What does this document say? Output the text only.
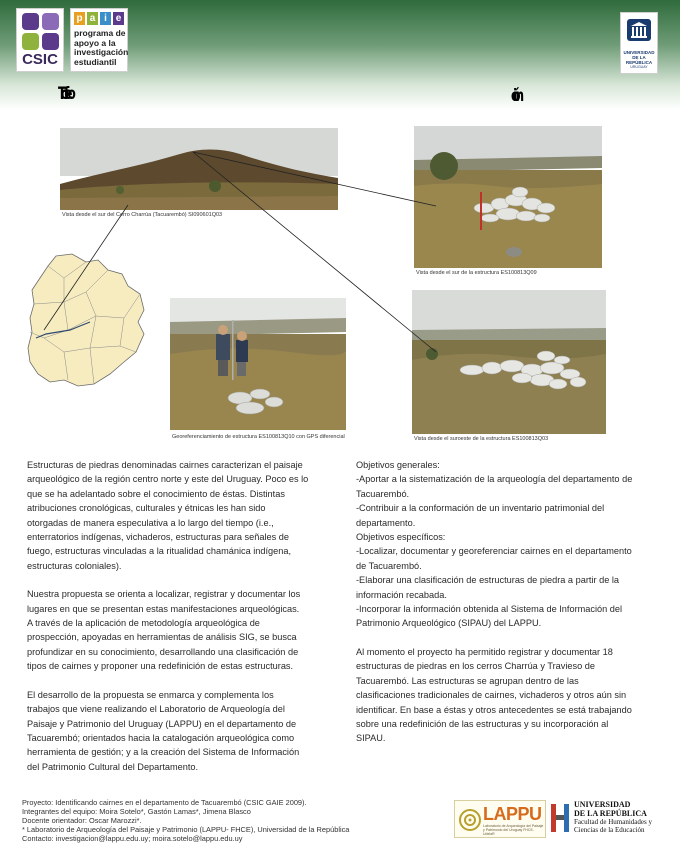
CSIC
p a i e
programa de
apoyo a la
investigación
estudiantil
UNIVERSIDAD DE LA REPÚBLICA
URUGUAY
Trofeo	ción
Vista desde el sur del Cerro Charrúa (Tacuarembó) SI090601Q03
Vista desde el sur de la estructura ES100813Q09
Georeferenciamiento de estructura ES100813Q10 con GPS diferencial	Vista desde el suroeste de la estructura ES100813Q03

Estructuras de piedras denominadas cairnes caracterizan el paisaje
arqueológico de la región centro norte y este del Uruguay. Poco es lo
que se ha adelantado sobre el conocimiento de éstas. Distintas
atribuciones cronológicas, culturales y étnicas les han sido
otorgadas de manera especulativa a lo largo del tiempo (i.e.,
enterratorios indígenas, vichaderos, estructuras para señales de
fuego, estructuras vinculadas a la ritualidad chamánica indígena,
estructuras coloniales).

Nuestra propuesta se orienta a localizar, registrar y documentar los
lugares en que se presentan estas manifestaciones arqueológicas.
A través de la aplicación de metodología arqueológica de
prospección, apoyadas en herramientas de análisis SIG, se busca
profundizar en su conocimiento, desarrollando una clasificación de
tipos de cairnes y proponer una redefinición de estas estructuras.

El desarrollo de la propuesta se enmarca y complementa los
trabajos que viene realizando el Laboratorio de Arqueología del
Paisaje y Patrimonio del Uruguay (LAPPU) en el departamento de
Tacuarembó; orientados hacia la catalogación arqueológica como
herramienta de gestión; y a la creación del Sistema de Información
del Patrimonio Cultural del Departamento.

Objetivos generales:
-Aportar a la sistematización de la arqueología del departamento de
Tacuarembó.
-Contribuir a la conformación de un inventario patrimonial del
departamento.
Objetivos específicos:
-Localizar, documentar y georeferenciar cairnes en el departamento
de Tacuarembó.
-Elaborar una clasificación de estructuras de piedra a partir de la
información recabada.
-Incorporar la información obtenida al Sistema de Información del
Patrimonio Arqueológico (SIPAU) del LAPPU.

Al momento el proyecto ha permitido registrar y documentar 18
estructuras de piedras en los cerros Charrúa y Travieso de
Tacuarembó. Las estructuras se agrupan dentro de las
clasificaciones tradicionales de cairnes, vichaderos y otros aún sin
identificar. En base a éstas y otros antecedentes se está trabajando
sobre una redefinición de las estructuras y su incorporación al
SIPAU.

Proyecto: Identificando cairnes en el departamento de Tacuarembó (CSIC GAIE 2009).
Integrantes del equipo: Moira Sotelo*, Gastón Lamas*, Jimena Blasco
Docente orientador: Oscar Marozzi*.
* Laboratorio de Arqueología del Paisaje y Patrimonio (LAPPU- FHCE), Universidad de la República
Contacto: investigacion@lappu.edu.uy; moira.sotelo@lappu.edu.uy
LAPPU
Laboratorio de Arqueología del Paisaje y Patrimonio del Uruguay FHCE-UdelaR
UNIVERSIDAD
DE LA REPÚBLICA
Facultad de Humanidades y
Ciencias de la Educación
